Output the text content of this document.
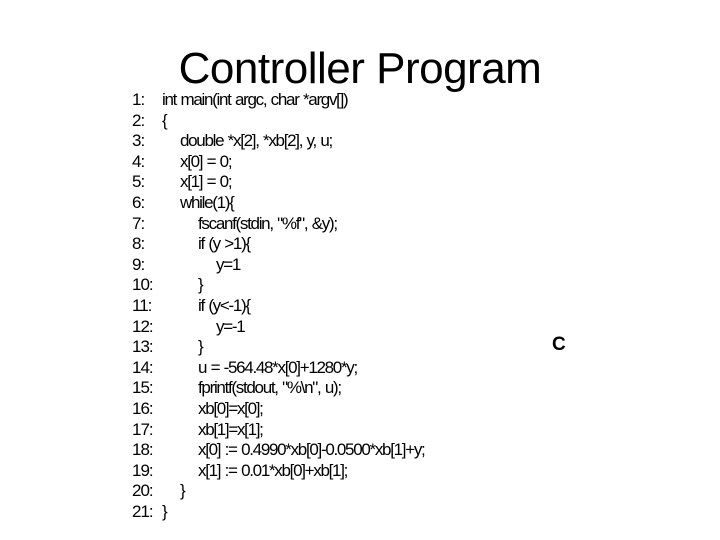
Controller Program
1:	int main(int argc, char *argv[])
2:	{
3:	double *x[2], *xb[2], y, u;
4:	x[0] = 0;
5:	x[1] = 0;
6:	while(1){
7:	fscanf(stdin, "%f", &y);
8:	if (y >1){
9:	y=1
10:	}
11:	if (y<-1){
12:	y=-1
13:	}
14:	u = -564.48*x[0]+1280*y;
15:	fprintf(stdout, "%\n", u);
16:	xb[0]=x[0];
17:	xb[1]=x[1];
18:	x[0] := 0.4990*xb[0]-0.0500*xb[1]+y;
19:	x[1] := 0.01*xb[0]+xb[1];
20:	}
21: }
C
